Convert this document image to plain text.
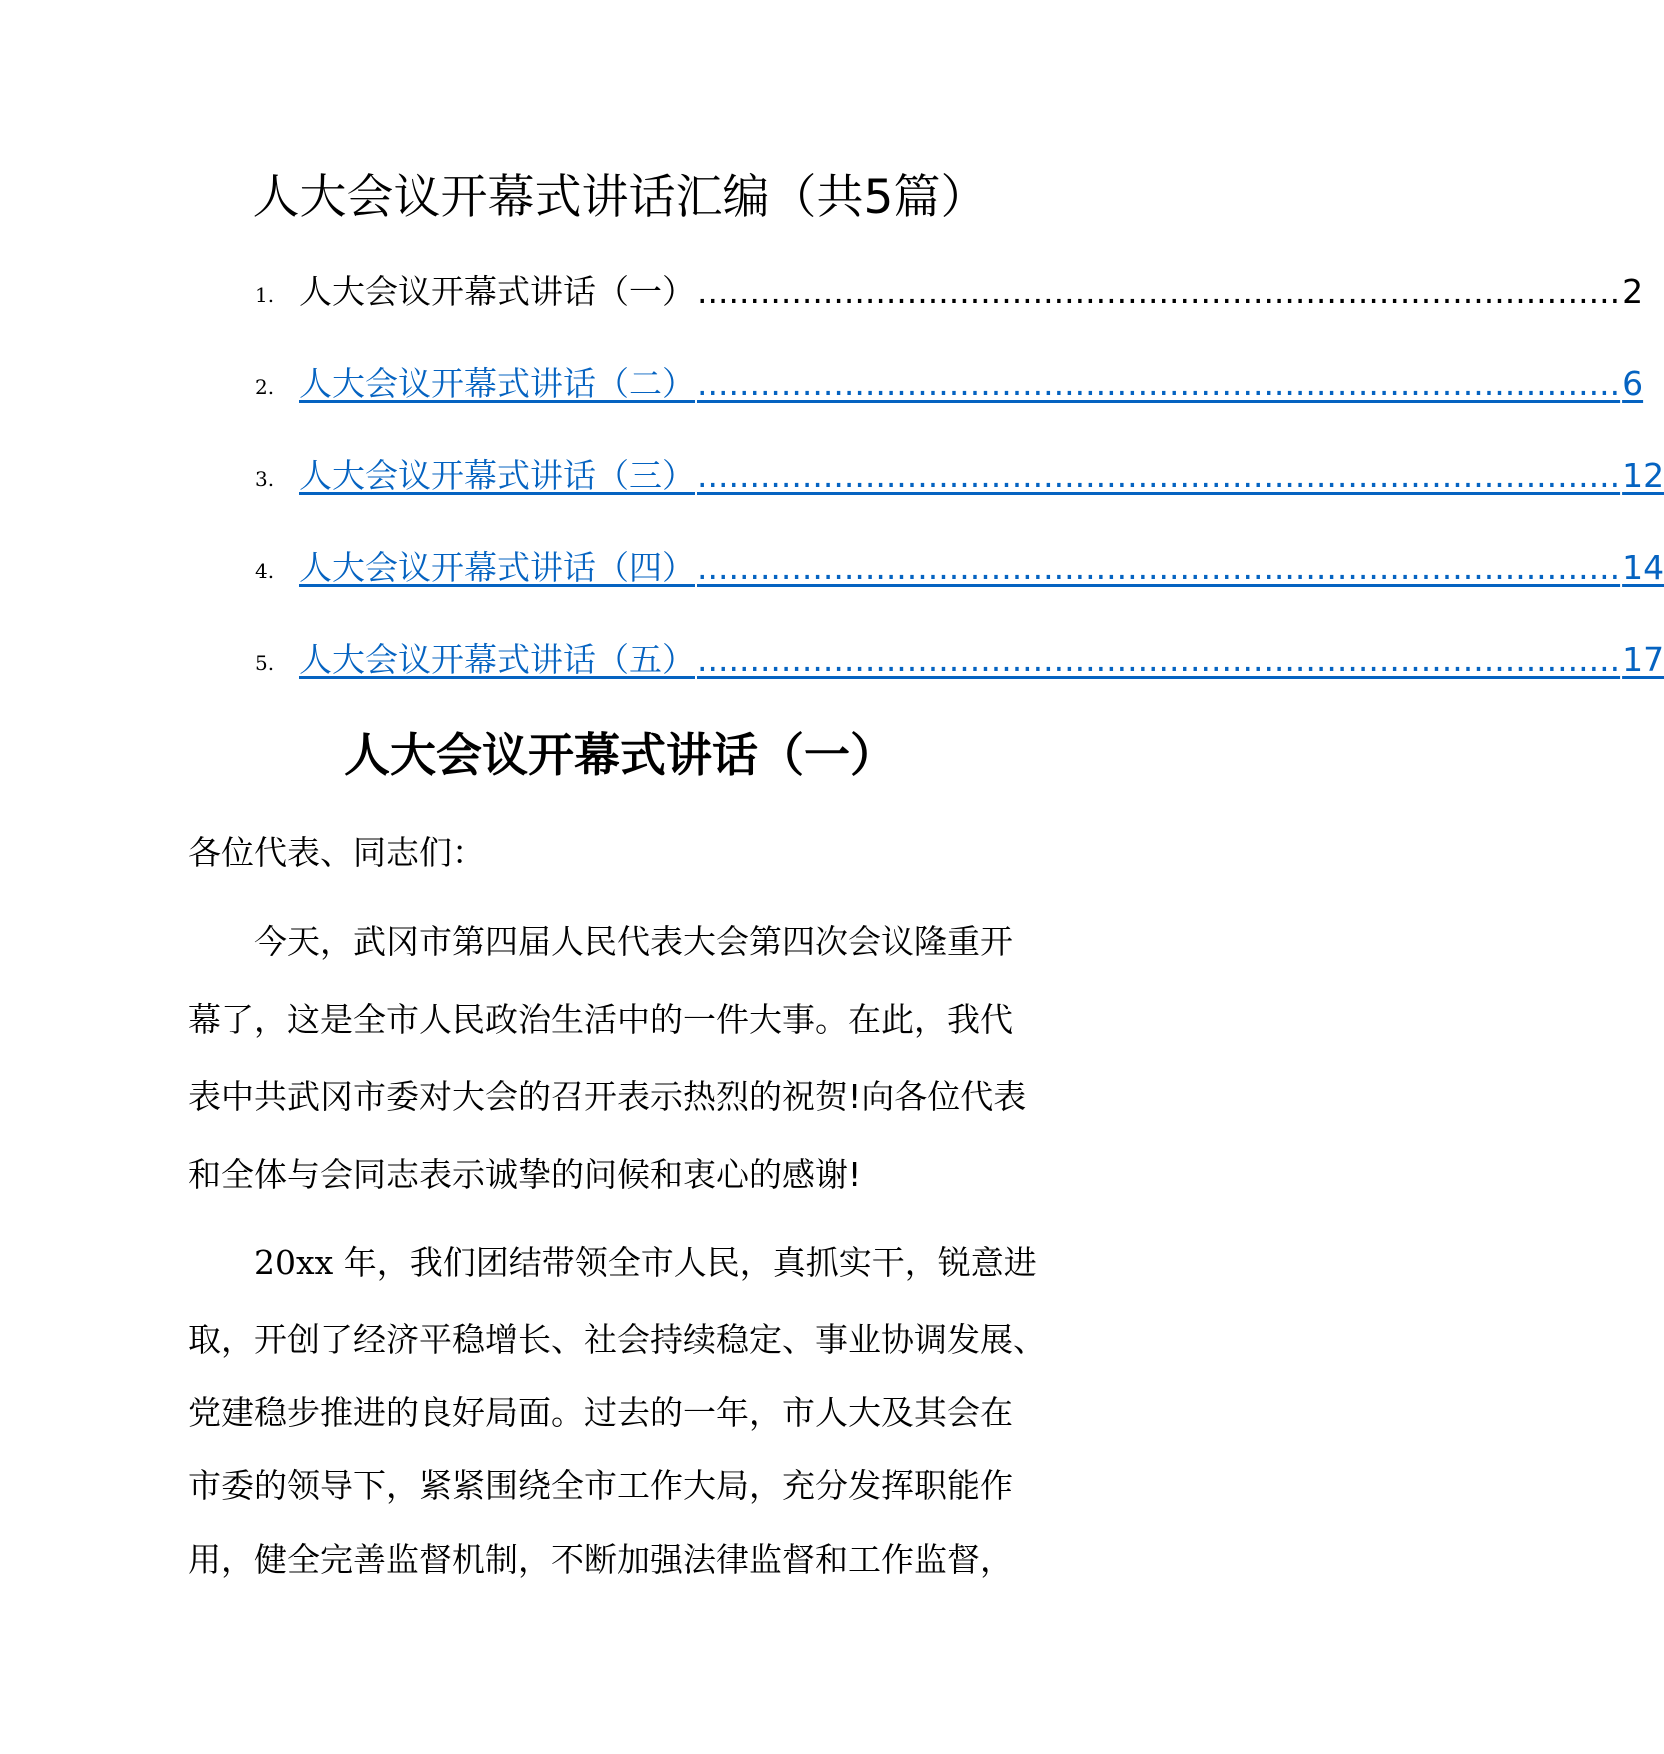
人大会议开幕式讲话汇编（共5篇）
1. 人大会议开幕式讲话（一） ........................................................................................ 2
2. 人大会议开幕式讲话（二） ........................................................................................ 6
3. 人大会议开幕式讲话（三） ........................................................................................ 12
4. 人大会议开幕式讲话（四） ........................................................................................ 14
5. 人大会议开幕式讲话（五） ........................................................................................ 17
人大会议开幕式讲话（一）
各位代表、同志们：
今天，武冈市第四届人民代表大会第四次会议隆重开
幕了，这是全市人民政治生活中的一件大事。在此，我代
表中共武冈市委对大会的召开表示热烈的祝贺!向各位代表
和全体与会同志表示诚挚的问候和衷心的感谢!
20xx 年，我们团结带领全市人民，真抓实干，锐意进
取，开创了经济平稳增长、社会持续稳定、事业协调发展、
党建稳步推进的良好局面。过去的一年，市人大及其会在
市委的领导下，紧紧围绕全市工作大局，充分发挥职能作
用，健全完善监督机制，不断加强法律监督和工作监督，
